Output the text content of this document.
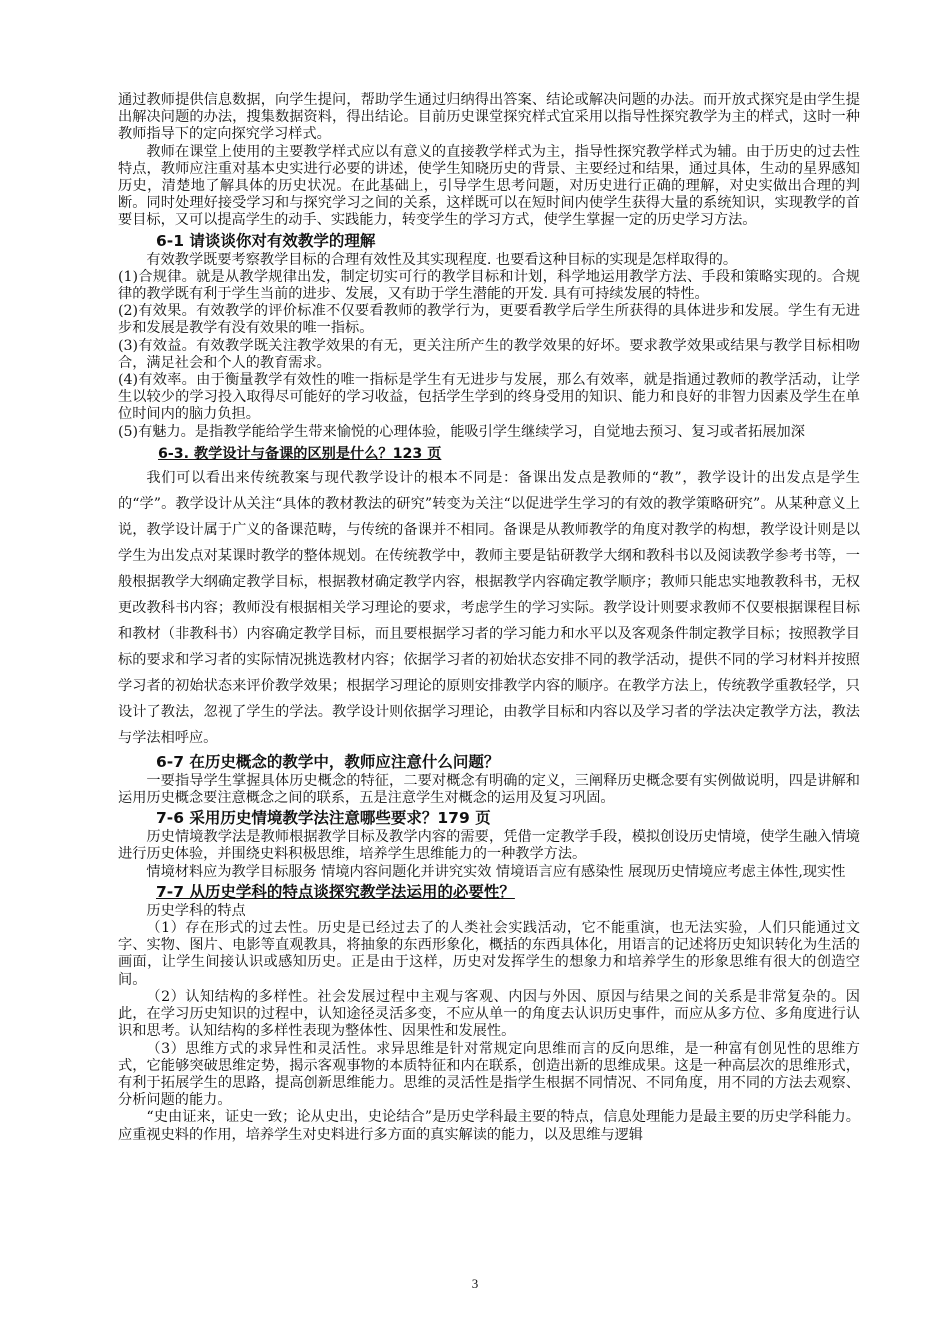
通过教师提供信息数据，向学生提问，帮助学生通过归纳得出答案、结论或解决问题的办法。而开放式探究是由学生提出解决问题的办法，搜集数据资料，得出结论。目前历史课堂探究样式宜采用以指导性探究教学为主的样式，这时一种教师指导下的定向探究学习样式。

教师在课堂上使用的主要教学样式应以有意义的直接教学样式为主，指导性探究教学样式为辅。由于历史的过去性特点，教师应注重对基本史实进行必要的讲述，使学生知晓历史的背景、主要经过和结果，通过具体，生动的星界感知历史，清楚地了解具体的历史状况。在此基础上，引导学生思考问题，对历史进行正确的理解，对史实做出合理的判断。同时处理好接受学习和与探究学习之间的关系，这样既可以在短时间内使学生获得大量的系统知识，实现教学的首要目标，又可以提高学生的动手、实践能力，转变学生的学习方式，使学生掌握一定的历史学习方法。

6-1 请谈谈你对有效教学的理解

有效教学既要考察教学目标的合理有效性及其实现程度. 也要看这种目标的实现是怎样取得的。

(1)合规律。就是从教学规律出发，制定切实可行的教学目标和计划，科学地运用教学方法、手段和策略实现的。合规律的教学既有利于学生当前的进步、发展，又有助于学生潜能的开发. 具有可持续发展的特性。

(2)有效果。有效教学的评价标准不仅要看教师的教学行为，更要看教学后学生所获得的具体进步和发展。学生有无进步和发展是教学有没有效果的唯一指标。

(3)有效益。有效教学既关注教学效果的有无，更关注所产生的教学效果的好坏。要求教学效果或结果与教学目标相吻合，满足社会和个人的教育需求。

(4)有效率。由于衡量教学有效性的唯一指标是学生有无进步与发展，那么有效率，就是指通过教师的教学活动，让学生以较少的学习投入取得尽可能好的学习收益，包括学生学到的终身受用的知识、能力和良好的非智力因素及学生在单位时间内的脑力负担。

(5)有魅力。是指教学能给学生带来愉悦的心理体验，能吸引学生继续学习，自觉地去预习、复习或者拓展加深

6-3. 教学设计与备课的区别是什么？123 页

我们可以看出来传统教案与现代教学设计的根本不同是：备课出发点是教师的“教”，教学设计的出发点是学生的“学”。教学设计从关注“具体的教材教法的研究”转变为关注“以促进学生学习的有效的教学策略研究”。从某种意义上说，教学设计属于广义的备课范畴，与传统的备课并不相同。备课是从教师教学的角度对教学的构想，教学设计则是以学生为出发点对某课时教学的整体规划。在传统教学中，教师主要是钻研教学大纲和教科书以及阅读教学参考书等，一般根据教学大纲确定教学目标，根据教材确定教学内容，根据教学内容确定教学顺序；教师只能忠实地教教科书，无权更改教科书内容；教师没有根据相关学习理论的要求，考虑学生的学习实际。教学设计则要求教师不仅要根据课程目标和教材（非教科书）内容确定教学目标，而且要根据学习者的学习能力和水平以及客观条件制定教学目标；按照教学目标的要求和学习者的实际情况挑选教材内容；依据学习者的初始状态安排不同的教学活动，提供不同的学习材料并按照学习者的初始状态来评价教学效果；根据学习理论的原则安排教学内容的顺序。在教学方法上，传统教学重教轻学，只设计了教法，忽视了学生的学法。教学设计则依据学习理论，由教学目标和内容以及学习者的学法决定教学方法，教法与学法相呼应。

6-7 在历史概念的教学中，教师应注意什么问题？

一要指导学生掌握具体历史概念的特征，二要对概念有明确的定义，三阐释历史概念要有实例做说明，四是讲解和运用历史概念要注意概念之间的联系，五是注意学生对概念的运用及复习巩固。

7-6 采用历史情境教学法注意哪些要求？179 页

历史情境教学法是教师根据教学目标及教学内容的需要，凭借一定教学手段，模拟创设历史情境，使学生融入情境进行历史体验，并围绕史料积极思维，培养学生思维能力的一种教学方法。

情境材料应为教学目标服务 情境内容问题化并讲究实效 情境语言应有感染性 展现历史情境应考虑主体性,现实性

7-7 从历史学科的特点谈探究教学法运用的必要性？

历史学科的特点

（1）存在形式的过去性。历史是已经过去了的人类社会实践活动，它不能重演，也无法实验，人们只能通过文字、实物、图片、电影等直观教具，将抽象的东西形象化，概括的东西具体化，用语言的记述将历史知识转化为生活的画面，让学生间接认识或感知历史。正是由于这样，历史对发挥学生的想象力和培养学生的形象思维有很大的创造空间。

（2）认知结构的多样性。社会发展过程中主观与客观、内因与外因、原因与结果之间的关系是非常复杂的。因此，在学习历史知识的过程中，认知途径灵活多变，不应从单一的角度去认识历史事件，而应从多方位、多角度进行认识和思考。认知结构的多样性表现为整体性、因果性和发展性。

（3）思维方式的求异性和灵活性。求异思维是针对常规定向思维而言的反向思维，是一种富有创见性的思维方式，它能够突破思维定势，揭示客观事物的本质特征和内在联系，创造出新的思维成果。这是一种高层次的思维形式，有利于拓展学生的思路，提高创新思维能力。思维的灵活性是指学生根据不同情况、不同角度，用不同的方法去观察、分析问题的能力。

“史由证来，证史一致；论从史出，史论结合”是历史学科最主要的特点，信息处理能力是最主要的历史学科能力。应重视史料的作用，培养学生对史料进行多方面的真实解读的能力，以及思维与逻辑

3
